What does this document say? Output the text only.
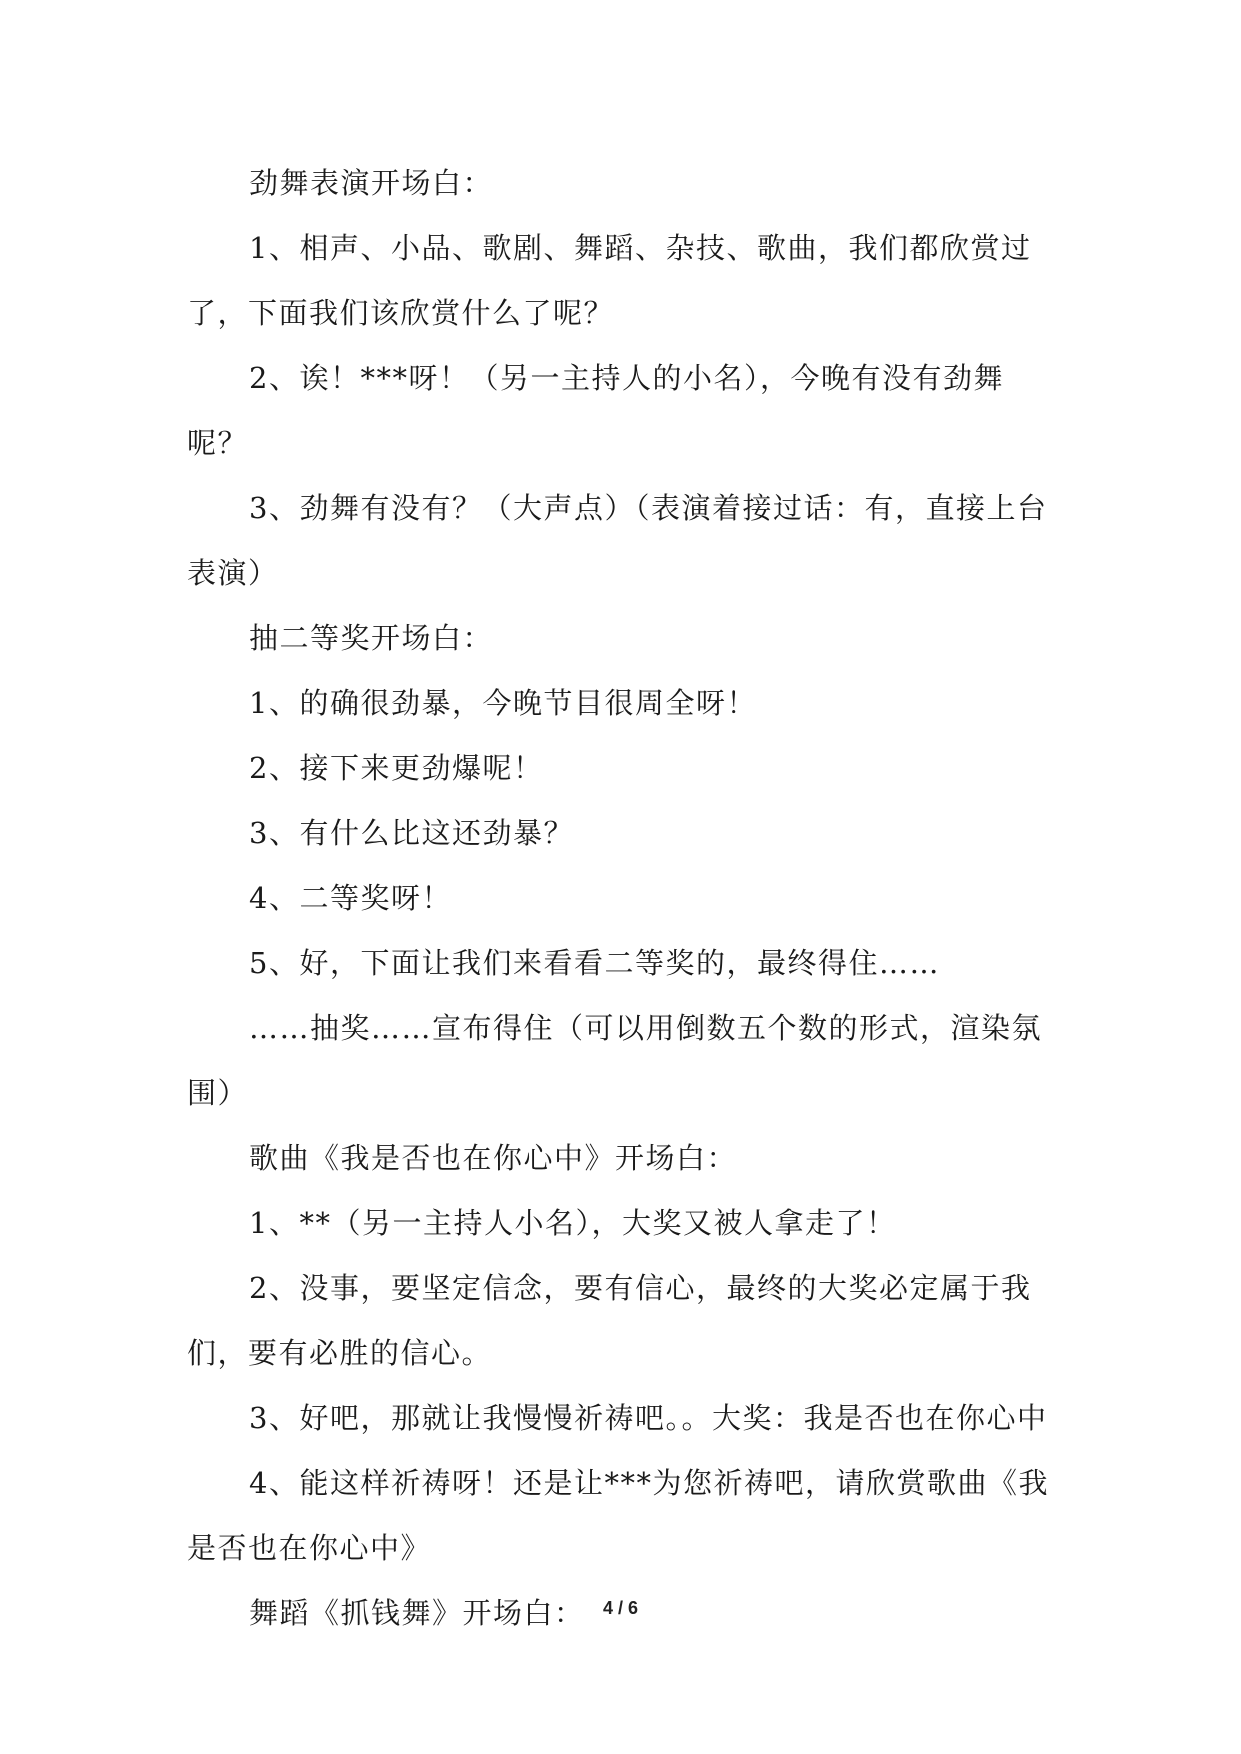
劲舞表演开场白：

1、相声、小品、歌剧、舞蹈、杂技、歌曲，我们都欣赏过了，下面我们该欣赏什么了呢？

2、诶！***呀！（另一主持人的小名），今晚有没有劲舞呢？

3、劲舞有没有？（大声点）（表演着接过话：有，直接上台表演）

抽二等奖开场白：

1、的确很劲暴，今晚节目很周全呀！

2、接下来更劲爆呢！

3、有什么比这还劲暴？

4、二等奖呀！

5、好，下面让我们来看看二等奖的，最终得住……

……抽奖……宣布得住（可以用倒数五个数的形式，渲染氛围）

歌曲《我是否也在你心中》开场白：

1、**（另一主持人小名），大奖又被人拿走了！

2、没事，要坚定信念，要有信心，最终的大奖必定属于我们，要有必胜的信心。

3、好吧，那就让我慢慢祈祷吧。。大奖：我是否也在你心中

4、能这样祈祷呀！还是让***为您祈祷吧，请欣赏歌曲《我是否也在你心中》

舞蹈《抓钱舞》开场白：	4 / 6
